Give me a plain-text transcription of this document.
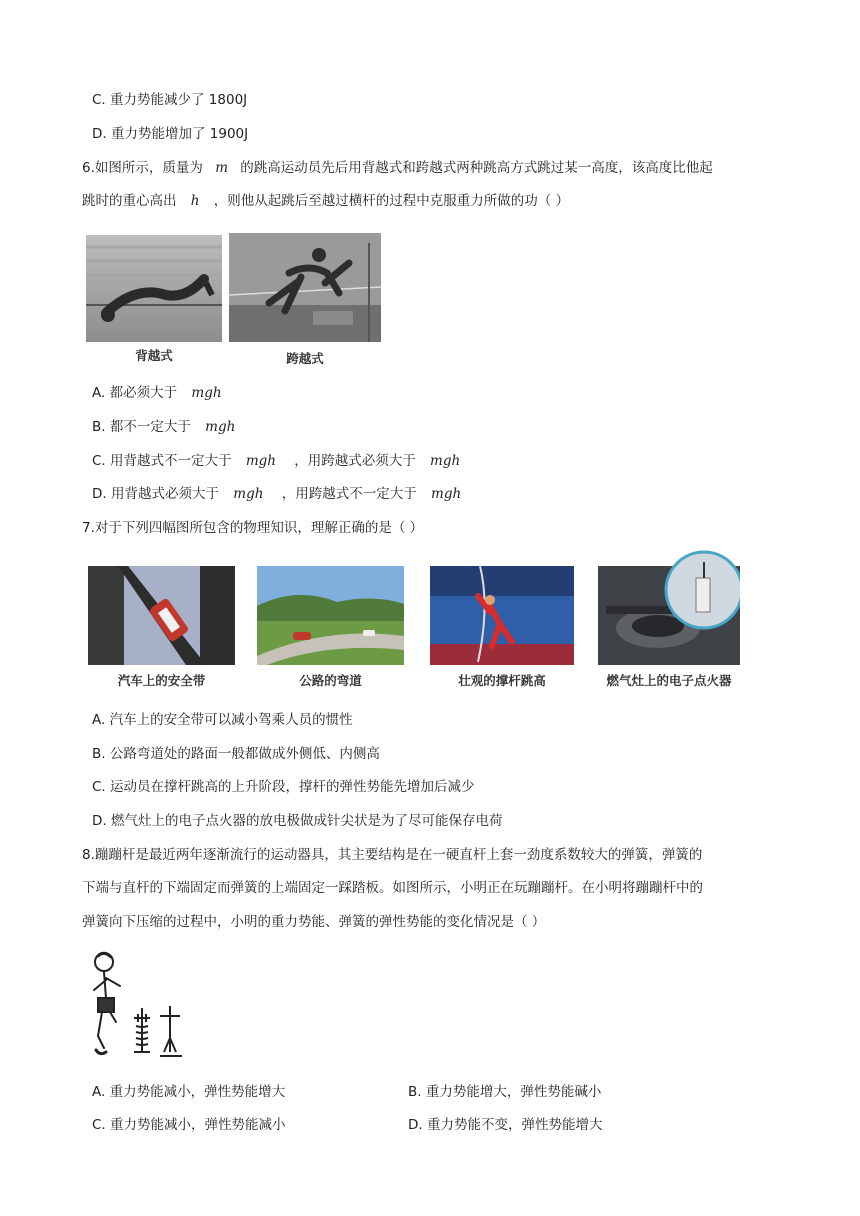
C. 重力势能减少了 1800J
D. 重力势能增加了 1900J
6.如图所示，质量为 m 的跳高运动员先后用背越式和跨越式两种跳高方式跳过某一高度，该高度比他起
跳时的重心高出 h ，则他从起跳后至越过横杆的过程中克服重力所做的功（ ）
背越式	跨越式
A. 都必须大于 mgh
B. 都不一定大于 mgh
C. 用背越式不一定大于 mgh ，用跨越式必须大于 mgh
D. 用背越式必须大于 mgh ，用跨越式不一定大于 mgh
7.对于下列四幅图所包含的物理知识，理解正确的是（ ）
汽车上的安全带	公路的弯道	壮观的撑杆跳高	燃气灶上的电子点火器
A. 汽车上的安全带可以减小驾乘人员的惯性
B. 公路弯道处的路面一般都做成外侧低、内侧高
C. 运动员在撑杆跳高的上升阶段，撑杆的弹性势能先增加后减少
D. 燃气灶上的电子点火器的放电极做成针尖状是为了尽可能保存电荷
8.蹦蹦杆是最近两年逐渐流行的运动器具，其主要结构是在一硬直杆上套一劲度系数较大的弹簧，弹簧的
下端与直杆的下端固定而弹簧的上端固定一踩踏板。如图所示，小明正在玩蹦蹦杆。在小明将蹦蹦杆中的
弹簧向下压缩的过程中，小明的重力势能、弹簧的弹性势能的变化情况是（ ）
A. 重力势能减小，弹性势能增大	B. 重力势能增大，弹性势能碱小
C. 重力势能减小，弹性势能减小	D. 重力势能不变，弹性势能增大
